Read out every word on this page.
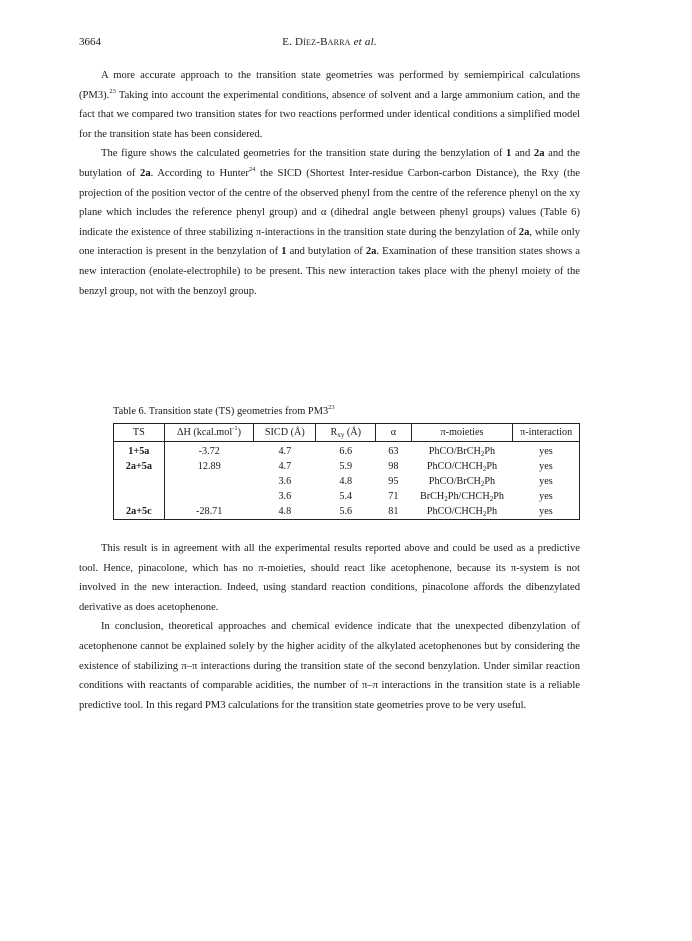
3664	E. Díez-Barra et al.

A more accurate approach to the transition state geometries was performed by semiempirical calculations (PM3).$^{23}$ Taking into account the experimental conditions, absence of solvent and a large ammonium cation, and the fact that we compared two transition states for two reactions performed under identical conditions a simplified model for the transition state has been considered.

The figure shows the calculated geometries for the transition state during the benzylation of 1 and 2a and the butylation of 2a. According to Hunter$^{24}$ the SICD (Shortest Inter-residue Carbon-carbon Distance), the Rxy (the projection of the position vector of the centre of the observed phenyl from the centre of the reference phenyl on the xy plane which includes the reference phenyl group) and α (dihedral angle between phenyl groups) values (Table 6) indicate the existence of three stabilizing π-interactions in the transition state during the benzylation of 2a, while only one interaction is present in the benzylation of 1 and butylation of 2a. Examination of these transition states shows a new interaction (enolate-electrophile) to be present. This new interaction takes place with the phenyl moiety of the benzyl group, not with the benzoyl group.

Table 6. Transition state (TS) geometries from $PM3^{23}$
TS	ΔH (kcal.mol$^{-1}$)	SICD (Å)	$R_{xy}$ (Å)	α	π-moieties	π-interaction
1+5a	-3.72	4.7	6.6	63	PhCO/BrCH$_2$Ph	yes
2a+5a	12.89	4.7	5.9	98	PhCO/$CHCH_2Ph$	yes
		3.6	4.8	95	PhCO/BrCH$_2$Ph	yes
		3.6	5.4	71	$BrCH_2Ph/CHCH_2Ph$	yes
2a+5c	-28.71	4.8	5.6	81	PhCO/$CHCH_2Ph$	yes

This result is in agreement with all the experimental results reported above and could be used as a predictive tool. Hence, pinacolone, which has no π-moieties, should react like acetophenone, because its π-system is not involved in the new interaction. Indeed, using standard reaction conditions, pinacolone affords the dibenzylated derivative as does acetophenone.

In conclusion, theoretical approaches and chemical evidence indicate that the unexpected dibenzylation of acetophenone cannot be explained solely by the higher acidity of the alkylated acetophenones but by considering the existence of stabilizing π–π interactions during the transition state of the second benzylation. Under similar reaction conditions with reactants of comparable acidities, the number of π–π interactions in the transition state is a reliable predictive tool. In this regard PM3 calculations for the transition state geometries prove to be very useful.
